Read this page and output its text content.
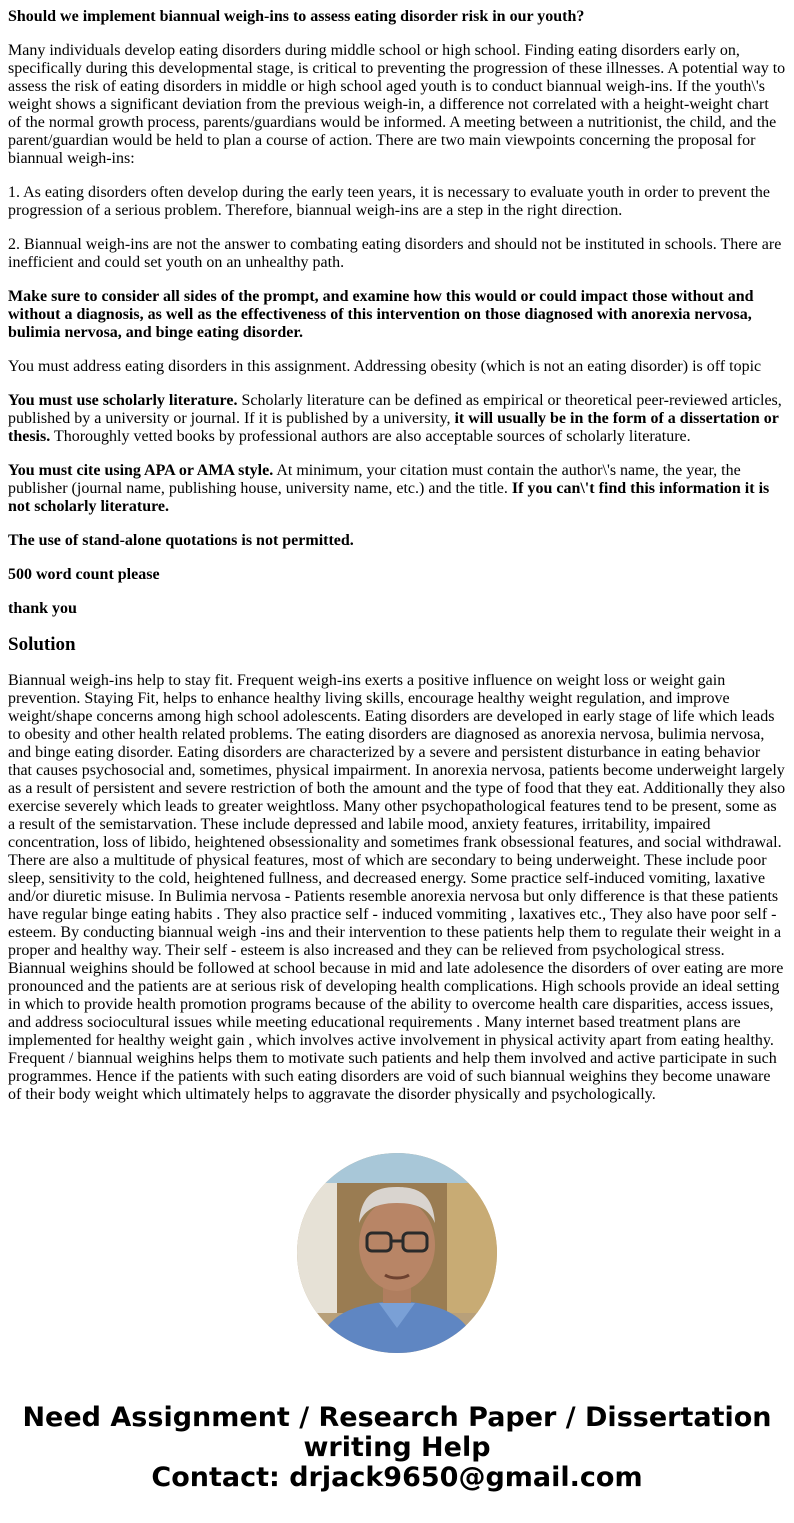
Should we implement biannual weigh-ins to assess eating disorder risk in our youth?

Many individuals develop eating disorders during middle school or high school. Finding eating disorders early on, specifically during this developmental stage, is critical to preventing the progression of these illnesses. A potential way to assess the risk of eating disorders in middle or high school aged youth is to conduct biannual weigh-ins. If the youth\'s weight shows a significant deviation from the previous weigh-in, a difference not correlated with a height-weight chart of the normal growth process, parents/guardians would be informed. A meeting between a nutritionist, the child, and the parent/guardian would be held to plan a course of action. There are two main viewpoints concerning the proposal for biannual weigh-ins:

1. As eating disorders often develop during the early teen years, it is necessary to evaluate youth in order to prevent the progression of a serious problem. Therefore, biannual weigh-ins are a step in the right direction.

2. Biannual weigh-ins are not the answer to combating eating disorders and should not be instituted in schools. There are inefficient and could set youth on an unhealthy path.

Make sure to consider all sides of the prompt, and examine how this would or could impact those without and without a diagnosis, as well as the effectiveness of this intervention on those diagnosed with anorexia nervosa, bulimia nervosa, and binge eating disorder.

You must address eating disorders in this assignment. Addressing obesity (which is not an eating disorder) is off topic

You must use scholarly literature. Scholarly literature can be defined as empirical or theoretical peer-reviewed articles, published by a university or journal. If it is published by a university, it will usually be in the form of a dissertation or thesis. Thoroughly vetted books by professional authors are also acceptable sources of scholarly literature.

You must cite using APA or AMA style. At minimum, your citation must contain the author\'s name, the year, the publisher (journal name, publishing house, university name, etc.) and the title. If you can\'t find this information it is not scholarly literature.

The use of stand-alone quotations is not permitted.

500 word count please

thank you

Solution

Biannual weigh-ins help to stay fit. Frequent weigh-ins exerts a positive influence on weight loss or weight gain prevention. Staying Fit, helps to enhance healthy living skills, encourage healthy weight regulation, and improve weight/shape concerns among high school adolescents. Eating disorders are developed in early stage of life which leads to obesity and other health related problems. The eating disorders are diagnosed as anorexia nervosa, bulimia nervosa, and binge eating disorder. Eating disorders are characterized by a severe and persistent disturbance in eating behavior that causes psychosocial and, sometimes, physical impairment. In anorexia nervosa, patients become underweight largely as a result of persistent and severe restriction of both the amount and the type of food that they eat. Additionally they also exercise severely which leads to greater weightloss. Many other psychopathological features tend to be present, some as a result of the semistarvation. These include depressed and labile mood, anxiety features, irritability, impaired concentration, loss of libido, heightened obsessionality and sometimes frank obsessional features, and social withdrawal. There are also a multitude of physical features, most of which are secondary to being underweight. These include poor sleep, sensitivity to the cold, heightened fullness, and decreased energy. Some practice self-induced vomiting, laxative and/or diuretic misuse. In Bulimia nervosa - Patients resemble anorexia nervosa but only difference is that these patients have regular binge eating habits . They also practice self - induced vommiting , laxatives etc., They also have poor self - esteem. By conducting biannual weigh -ins and their intervention to these patients help them to regulate their weight in a proper and healthy way. Their self - esteem is also increased and they can be relieved from psychological stress. Biannual weighins should be followed at school because in mid and late adolesence the disorders of over eating are more pronounced and the patients are at serious risk of developing health complications. High schools provide an ideal setting in which to provide health promotion programs because of the ability to overcome health care disparities, access issues, and address sociocultural issues while meeting educational requirements . Many internet based treatment plans are implemented for healthy weight gain , which involves active involvement in physical activity apart from eating healthy. Frequent / biannual weighins helps them to motivate such patients and help them involved and active participate in such programmes. Hence if the patients with such eating disorders are void of such biannual weighins they become unaware of their body weight which ultimately helps to aggravate the disorder physically and psychologically.

Need Assignment / Research Paper / Dissertation
writing Help
Contact: drjack9650@gmail.com
